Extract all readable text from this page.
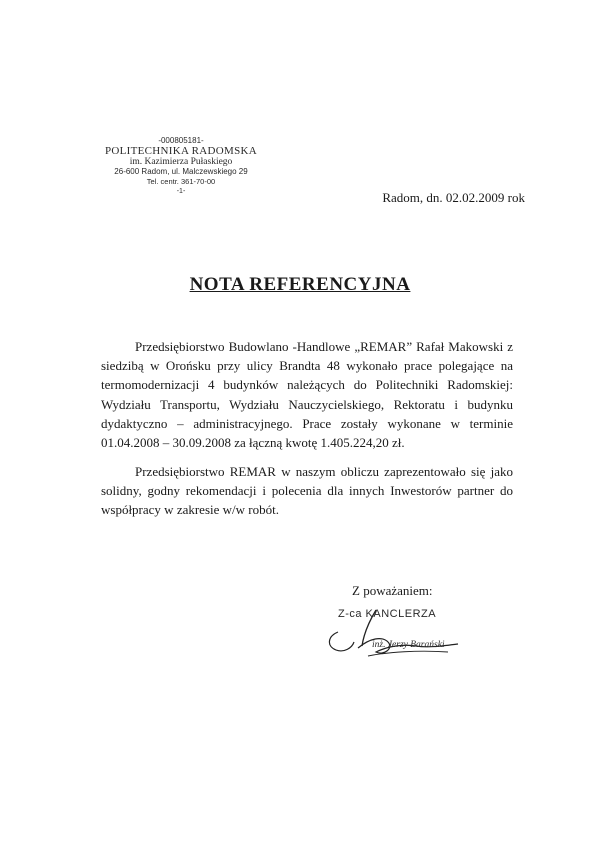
-000805181-
POLITECHNIKA RADOMSKA
im. Kazimierza Pułaskiego
26-600 Radom, ul. Malczewskiego 29
Tel. centr. 361-70-00
-1-	Radom, dn. 02.02.2009 rok
NOTA REFERENCYJNA

Przedsiębiorstwo Budowlano -Handlowe „REMAR” Rafał Makowski z siedzibą w Orońsku przy ulicy Brandta 48 wykonało prace polegające na termomodernizacji 4 budynków należących do Politechniki Radomskiej: Wydziału Transportu, Wydziału Nauczycielskiego, Rektoratu i budynku dydaktyczno – administracyjnego. Prace zostały wykonane w terminie 01.04.2008 – 30.09.2008 za łączną kwotę 1.405.224,20 zł.

Przedsiębiorstwo REMAR w naszym obliczu zaprezentowało się jako solidny, godny rekomendacji i polecenia dla innych Inwestorów partner do współpracy w zakresie w/w robót.

Z poważaniem:
Z-ca KANCLERZA
inż. Jerzy Barański
